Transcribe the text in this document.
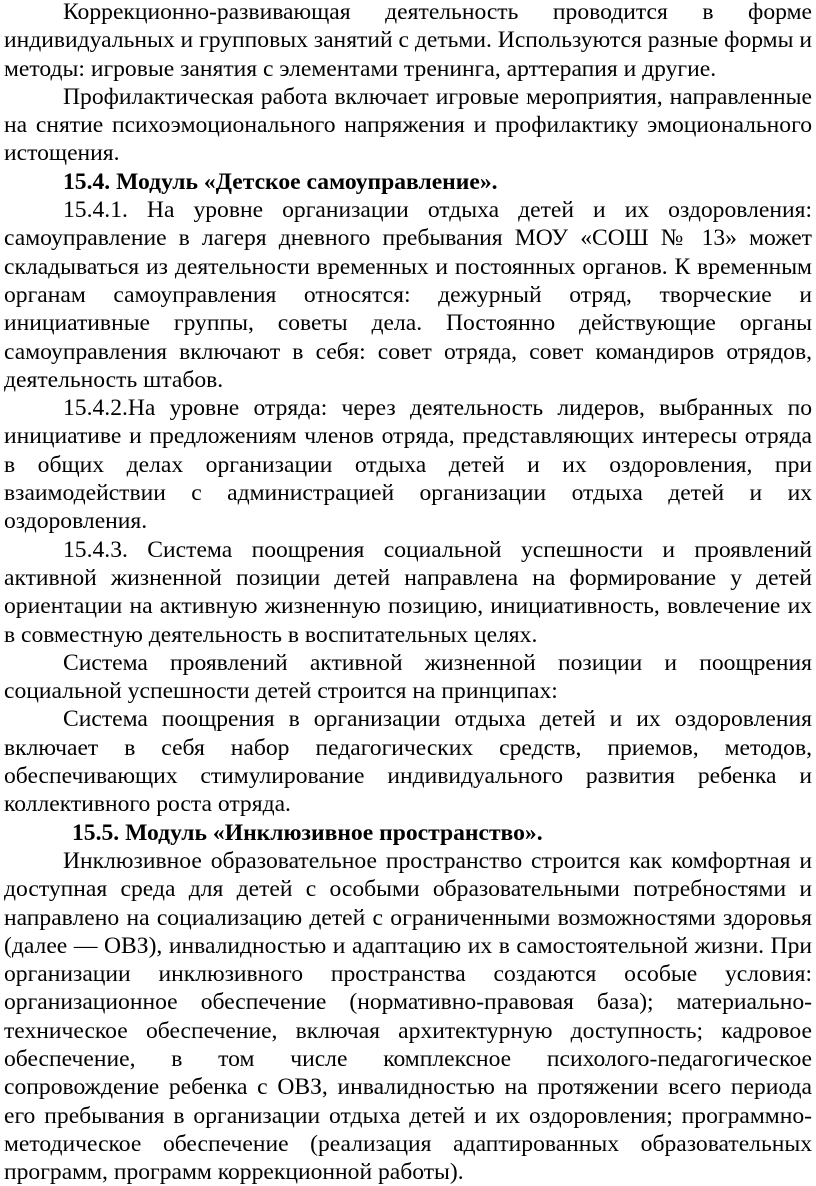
Коррекционно-развивающая деятельность проводится в форме индивидуальных и групповых занятий с детьми. Используются разные формы и методы: игровые занятия с элементами тренинга, арттерапия и другие.

Профилактическая работа включает игровые мероприятия, направленные на снятие психоэмоционального напряжения и профилактику эмоционального истощения.

15.4. Модуль «Детское самоуправление».

15.4.1. На уровне организации отдыха детей и их оздоровления: самоуправление в лагеря дневного пребывания МОУ «СОШ № 13» может складываться из деятельности временных и постоянных органов. К временным органам самоуправления относятся: дежурный отряд, творческие и инициативные группы, советы дела. Постоянно действующие органы самоуправления включают в себя: совет отряда, совет командиров отрядов, деятельность штабов.

15.4.2.На уровне отряда: через деятельность лидеров, выбранных по инициативе и предложениям членов отряда, представляющих интересы отряда в общих делах организации отдыха детей и их оздоровления, при взаимодействии с администрацией организации отдыха детей и их оздоровления.

15.4.3. Система поощрения социальной успешности и проявлений активной жизненной позиции детей направлена на формирование у детей ориентации на активную жизненную позицию, инициативность, вовлечение их в совместную деятельность в воспитательных целях.

Система проявлений активной жизненной позиции и поощрения социальной успешности детей строится на принципах:

Система поощрения в организации отдыха детей и их оздоровления включает в себя набор педагогических средств, приемов, методов, обеспечивающих стимулирование индивидуального развития ребенка и коллективного роста отряда.

15.5. Модуль «Инклюзивное пространство».

Инклюзивное образовательное пространство строится как комфортная и доступная среда для детей с особыми образовательными потребностями и направлено на социализацию детей с ограниченными возможностями здоровья (далее — ОВЗ), инвалидностью и адаптацию их в самостоятельной жизни. При организации инклюзивного пространства создаются особые условия: организационное обеспечение (нормативно-правовая база); материально-техническое обеспечение, включая архитектурную доступность; кадровое обеспечение, в том числе комплексное психолого-педагогическое сопровождение ребенка с ОВЗ, инвалидностью на протяжении всего периода его пребывания в организации отдыха детей и их оздоровления; программно-методическое обеспечение (реализация адаптированных образовательных программ, программ коррекционной работы).
